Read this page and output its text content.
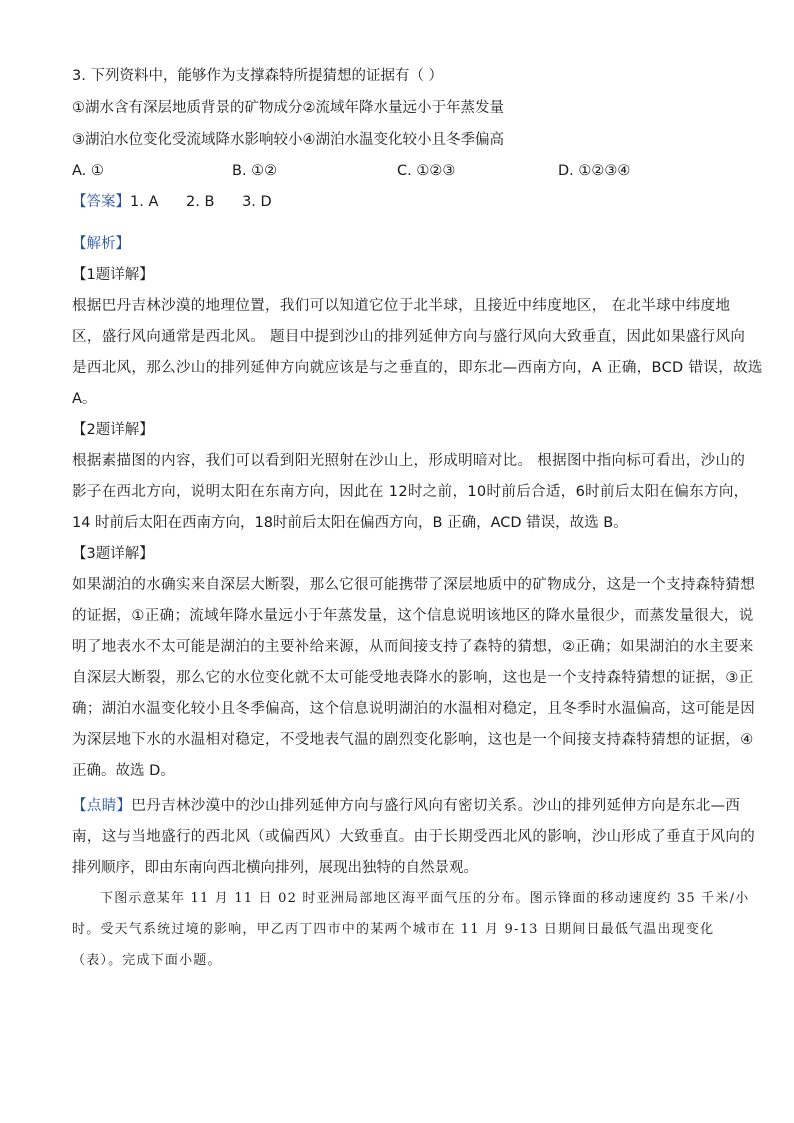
3. 下列资料中，能够作为支撑森特所提猜想的证据有（ ）
①湖水含有深层地质背景的矿物成分②流域年降水量远小于年蒸发量
③湖泊水位变化受流域降水影响较小④湖泊水温变化较小且冬季偏高
A. ①	B. ①②	C. ①②③	D. ①②③④
【答案】1. A      2. B      3. D
【解析】
【1题详解】
根据巴丹吉林沙漠的地理位置，我们可以知道它位于北半球，且接近中纬度地区， 在北半球中纬度地
区，盛行风向通常是西北风。 题目中提到沙山的排列延伸方向与盛行风向大致垂直，因此如果盛行风向
是西北风，那么沙山的排列延伸方向就应该是与之垂直的，即东北—西南方向，A 正确，BCD 错误，故选
A。
【2题详解】
根据素描图的内容，我们可以看到阳光照射在沙山上，形成明暗对比。 根据图中指向标可看出，沙山的
影子在西北方向，说明太阳在东南方向，因此在 12时之前，10时前后合适，6时前后太阳在偏东方向，
14 时前后太阳在西南方向，18时前后太阳在偏西方向，B 正确，ACD 错误，故选 B。
【3题详解】
如果湖泊的水确实来自深层大断裂，那么它很可能携带了深层地质中的矿物成分，这是一个支持森特猜想
的证据，①正确；流域年降水量远小于年蒸发量，这个信息说明该地区的降水量很少，而蒸发量很大，说
明了地表水不太可能是湖泊的主要补给来源，从而间接支持了森特的猜想，②正确；如果湖泊的水主要来
自深层大断裂，那么它的水位变化就不太可能受地表降水的影响，这也是一个支持森特猜想的证据，③正
确；湖泊水温变化较小且冬季偏高，这个信息说明湖泊的水温相对稳定，且冬季时水温偏高，这可能是因
为深层地下水的水温相对稳定，不受地表气温的剧烈变化影响，这也是一个间接支持森特猜想的证据，④
正确。故选 D。
【点睛】巴丹吉林沙漠中的沙山排列延伸方向与盛行风向有密切关系。沙山的排列延伸方向是东北—西
南，这与当地盛行的西北风（或偏西风）大致垂直。由于长期受西北风的影响，沙山形成了垂直于风向的
排列顺序，即由东南向西北横向排列，展现出独特的自然景观。
下图示意某年 11 月 11 日 02 时亚洲局部地区海平面气压的分布。图示锋面的移动速度约 35 千米/小
时。受天气系统过境的影响，甲乙丙丁四市中的某两个城市在 11 月 9-13 日期间日最低气温出现变化
（表）。完成下面小题。
